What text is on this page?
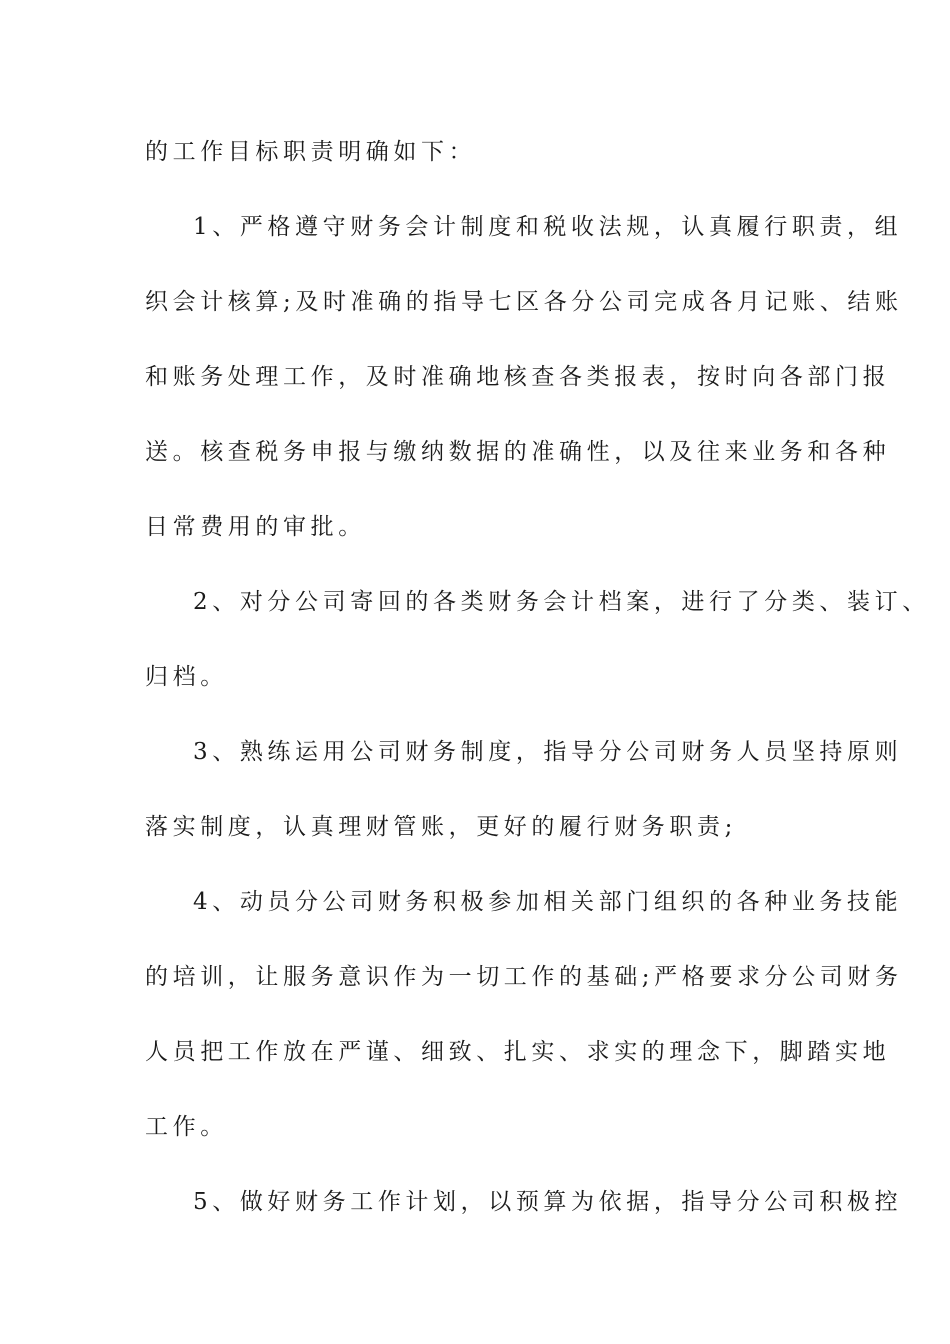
的工作目标职责明确如下：
1、严格遵守财务会计制度和税收法规，认真履行职责，组
织会计核算;及时准确的指导七区各分公司完成各月记账、结账
和账务处理工作，及时准确地核查各类报表，按时向各部门报
送。核查税务申报与缴纳数据的准确性，以及往来业务和各种
日常费用的审批。
2、对分公司寄回的各类财务会计档案，进行了分类、装订、
归档。
3、熟练运用公司财务制度，指导分公司财务人员坚持原则
落实制度，认真理财管账，更好的履行财务职责;
4、动员分公司财务积极参加相关部门组织的各种业务技能
的培训，让服务意识作为一切工作的基础;严格要求分公司财务
人员把工作放在严谨、细致、扎实、求实的理念下，脚踏实地
工作。
5、做好财务工作计划，以预算为依据，指导分公司积极控
